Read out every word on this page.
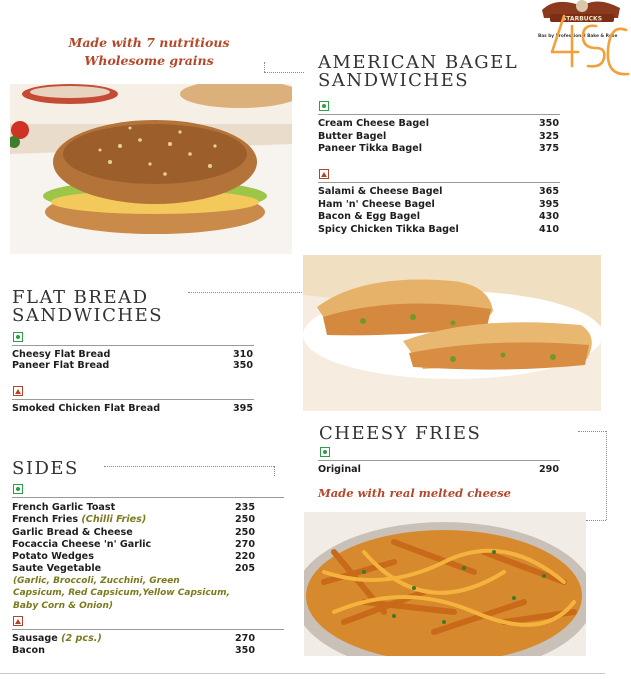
STARBUCKS
Bas by Professional Bake & Rose
Made with 7 nutritious
Wholesome grains	AMERICAN BAGEL
SANDWICHES
Cream Cheese Bagel	350
Butter Bagel	325
Paneer Tikka Bagel	375
Salami & Cheese Bagel	365
Ham 'n' Cheese Bagel	395
Bacon & Egg Bagel	430
Spicy Chicken Tikka Bagel	410
FLAT BREAD
SANDWICHES
Cheesy Flat Bread	310
Paneer Flat Bread	350
Smoked Chicken Flat Bread	395
CHEESY FRIES
Original	290
Made with real melted cheese
SIDES
French Garlic Toast	235
French Fries (Chilli Fries)	250
Garlic Bread & Cheese	250
Focaccia Cheese 'n' Garlic	270
Potato Wedges	220
Saute Vegetable	205
(Garlic, Broccoli, Zucchini, Green
Capsicum, Red Capsicum,Yellow Capsicum,
Baby Corn & Onion)
Sausage (2 pcs.)	270
Bacon	350
